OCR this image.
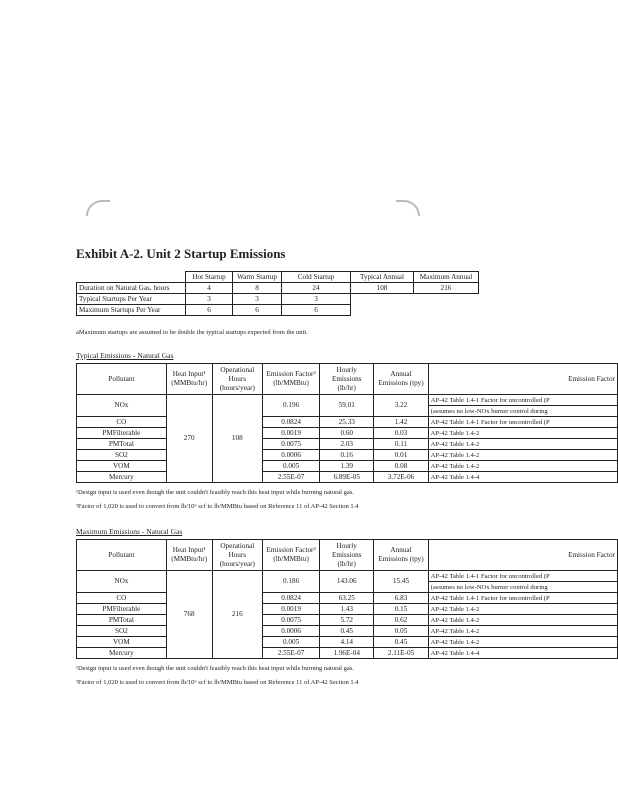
Exhibit A-2. Unit 2 Startup Emissions
	Hot Startup	Warm Startup	Cold Startup	Typical Annual	Maximum Annual
Duration on Natural Gas, hours	4	8	24	108	216
Typical Startups Per Year	3	3	3		
Maximum Startups Per Year	6	6	6		
aMaximum startups are assumed to be double the typical startups expected from the unit.
Typical Emissions - Natural Gas
Pollutant	Heat Input¹ (MMBtu/hr)	Operational Hours (hours/year)	Emission Factor² (lb/MMBtu)	Hourly Emissions (lb/hr)	Annual Emissions (tpy)	Emission Factor
NOx	270	108	0.196	59.01	3.22	AP-42 Table 1.4-1 Factor for uncontrolled (P
						(assumes no low-NOx burner control during
CO			0.0824	25.33	1.42	AP-42 Table 1.4-1 Factor for uncontrolled (P
PMFilterable			0.0019	0.60	0.03	AP-42 Table 1.4-2
PMTotal			0.0075	2.03	0.11	AP-42 Table 1.4-2
SO2			0.0006	0.16	0.01	AP-42 Table 1.4-2
VOM			0.005	1.39	0.08	AP-42 Table 1.4-2
Mercury			2.55E-07	6.89E-05	3.72E-06	AP-42 Table 1.4-4
¹Design input is used even though the unit couldn't feasibly reach this heat input while burning natural gas.
²Factor of 1,020 is used to convert from lb/10⁶ scf to lb/MMBtu based on Reference 11 of AP-42 Section 1.4
Maximum Emissions - Natural Gas
Pollutant	Heat Input¹ (MMBtu/hr)	Operational Hours (hours/year)	Emission Factor² (lb/MMBtu)	Hourly Emissions (lb/hr)	Annual Emissions (tpy)	Emission Factor
NOx	768	216	0.186	143.06	15.45	AP-42 Table 1.4-1 Factor for uncontrolled (P
						(assumes no low-NOx burner control during
CO			0.0824	63.25	6.83	AP-42 Table 1.4-1 Factor for uncontrolled (P
PMFilterable			0.0019	1.43	0.15	AP-42 Table 1.4-2
PMTotal			0.0075	5.72	0.62	AP-42 Table 1.4-2
SO2			0.0006	0.45	0.05	AP-42 Table 1.4-2
VOM			0.005	4.14	0.45	AP-42 Table 1.4-2
Mercury			2.55E-07	1.96E-04	2.11E-05	AP-42 Table 1.4-4
¹Design input is used even though the unit couldn't feasibly reach this heat input while burning natural gas.
²Factor of 1,020 is used to convert from lb/10⁶ scf to lb/MMBtu based on Reference 11 of AP-42 Section 1.4
